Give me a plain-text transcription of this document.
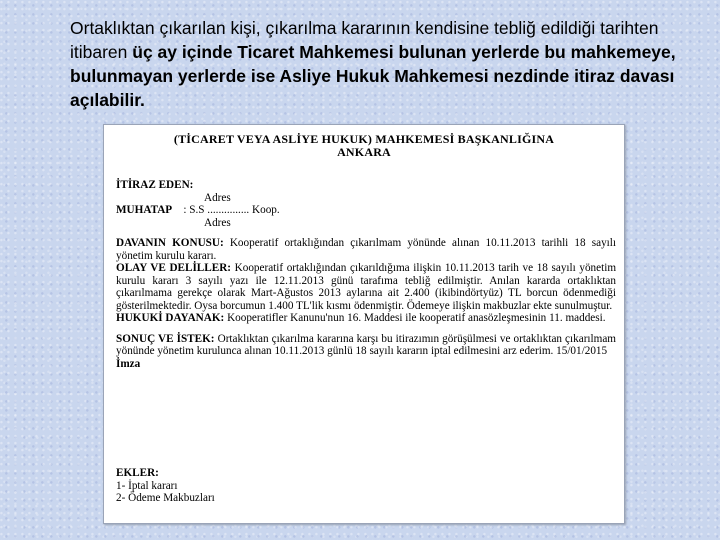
Ortaklıktan çıkarılan kişi, çıkarılma kararının kendisine tebliğ edildiği tarihten itibaren üç ay içinde Ticaret Mahkemesi bulunan yerlerde bu mahkemeye, bulunmayan yerlerde ise Asliye Hukuk Mahkemesi nezdinde itiraz davası açılabilir.
(TİCARET VEYA ASLİYE HUKUK) MAHKEMESİ BAŞKANLIĞINA
ANKARA
İTİRAZ EDEN:
Adres
MUHATAP : S.S ............... Koop.
Adres
DAVANIN KONUSU: Kooperatif ortaklığından çıkarılmam yönünde alınan 10.11.2013 tarihli 18 sayılı yönetim kurulu kararı.
OLAY VE DELİLLER: Kooperatif ortaklığından çıkarıldığıma ilişkin 10.11.2013 tarih ve 18 sayılı yönetim kurulu kararı 3 sayılı yazı ile 12.11.2013 günü tarafıma tebliğ edilmiştir. Anılan kararda ortaklıktan çıkarılmama gerekçe olarak Mart-Ağustos 2013 aylarına ait 2.400 (ikibindörtyüz) TL borcun ödenmediği gösterilmektedir. Oysa borcumun 1.400 TL'lik kısmı ödenmiştir. Ödemeye ilişkin makbuzlar ekte sunulmuştur.
HUKUKİ DAYANAK: Kooperatifler Kanunu'nun 16. Maddesi ile kooperatif anasözleşmesinin 11. maddesi.
SONUÇ VE İSTEK: Ortaklıktan çıkarılma kararına karşı bu itirazımın görüşülmesi ve ortaklıktan çıkarılmam yönünde yönetim kurulunca alınan 10.11.2013 günlü 18 sayılı kararın iptal edilmesini arz ederim. 15/01/2015
İmza
EKLER:
1- İptal kararı
2- Ödeme Makbuzları
